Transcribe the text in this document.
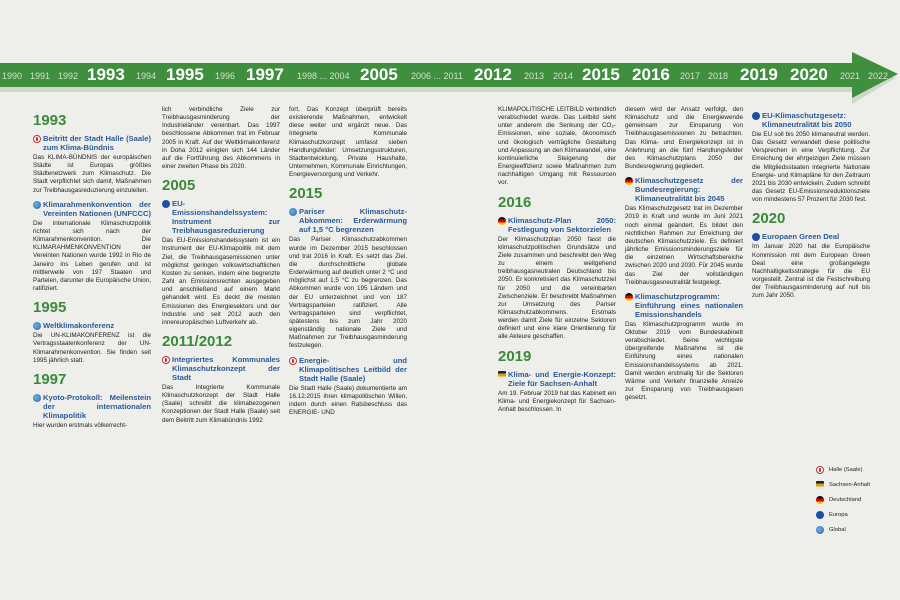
1990 1991 1992 1993 1994 1995 1996 1997 1998 ... 2004 2005 2006 ... 2011 2012 2013 2014 2015 2016 2017 2018 2019 2020 2021 2022
1993
Beitritt der Stadt Halle (Saale) zum Klima-Bündnis

Das KLIMA-BÜNDNIS der europäischen Städte ist Europas größtes Städtenetzwerk zum Klimaschutz. Die Stadt verpflichtet sich damit, Maßnahmen zur Treibhausgasreduzierung einzuleiten.

Klimarahmenkonvention der Vereinten Nationen (UNFCCC)

Die internationale Klimaschutzpolitik richtet sich nach der Klimarahmenkonvention. Die KLIMARAHMENKONVENTION der Vereinten Nationen wurde 1992 in Rio de Janeiro ins Leben gerufen und ist mittlerweile von 197 Staaten und Parteien, darunter die Europäische Union, ratifiziert.

1995
Weltklimakonferenz

Die UN-KLIMAKONFERENZ ist die Vertragsstaatenkonferenz der UN-Klimarahmenkonvention. Sie finden seit 1995 jährlich statt.

1997
Kyoto-Protokoll: Meilenstein der internationalen Klimapolitik

Hier wurden erstmals völkerrecht-

lich verbindliche Ziele zur Treibhausgasminderung der Industrieländer vereinbart. Das 1997 beschlossene Abkommen trat im Februar 2005 in Kraft. Auf der Weltklimakonferenz in Doha 2012 einigten sich 144 Länder auf die Fortführung des Abkommens in einer zweiten Phase bis 2020.

2005
EU-Emissionshandelssystem: Instrument zur Treibhausgasreduzierung

Das EU-Emissionshandelssystem ist ein Instrument der EU-Klimapolitik mit dem Ziel, die Treibhausgasemissionen unter möglichst geringen volkswirtschaftlichen Kosten zu senken, indem eine begrenzte Zahl an Emissionsrechten ausgegeben und anschließend auf einem Markt gehandelt wird. Es deckt die meisten Emissionen des Energiesektors und der Industrie und seit 2012 auch den innereuropäischen Luftverkehr ab.

2011/2012
Integriertes Kommunales Klimaschutzkonzept der Stadt

Das Integrierte Kommunale Klimaschutzkonzept der Stadt Halle (Saale) schreibt die klimabezogenen Konzeptionen der Stadt Halle (Saale) seit dem Beitritt zum Klimabündnis 1992

fort. Das Konzept überprüft bereits existierende Maßnahmen, entwickelt diese weiter und ergänzt neue. Das Integrierte Kommunale Klimaschutzkonzept umfasst sieben Handlungsfelder: Umsetzungsstrukturen, Stadtentwicklung, Private Haushalte, Unternehmen, Kommunale Einrichtungen, Energieversorgung und Verkehr.

2015
Pariser Klimaschutz-Abkommen: Erderwärmung auf 1,5 °C begrenzen

Das Pariser Klimaschutzabkommen wurde im Dezember 2015 beschlossen und trat 2016 in Kraft. Es setzt das Ziel, die durchschnittliche globale Erderwärmung auf deutlich unter 2 °C und möglichst auf 1,5 °C zu begrenzen. Das Abkommen wurde von 195 Ländern und der EU unterzeichnet und von 187 Vertragsparteien ratifiziert. Alle Vertragsparteien sind verpflichtet, spätestens bis zum Jahr 2020 eigenständig nationale Ziele und Maßnahmen zur Treibhausgasminderung festzulegen.

Energie- und Klimapolitisches Leitbild der Stadt Halle (Saale)

Die Stadt Halle (Saale) dokumentierte am 16.12.2015 ihren klimapolitischen Willen, indem durch einen Ratsbeschluss das ENERGIE- UND

KLIMAPOLITISCHE LEITBILD verbindlich verabschiedet wurde. Das Leitbild sieht unter anderem die Senkung der CO₂-Emissionen, eine soziale, ökonomisch und ökologisch verträgliche Gestaltung und Anpassung an den Klimawandel, eine kontinuierliche Steigerung der Energieeffizienz sowie Maßnahmen zum nachhaltigen Umgang mit Ressourcen vor.

2016
Klimaschutz-Plan 2050: Festlegung von Sektorzielen

Der Klimaschutzplan 2050 fasst die klimaschutzpolitischen Grundsätze und Ziele zusammen und beschreibt den Weg zu einem weitgehend treibhausgasneutralen Deutschland bis 2050. Er konkretisiert das Klimaschutzziel für 2050 und die vereinbarten Zwischenziele. Er beschreibt Maßnahmen zur Umsetzung des Pariser Klimaschutzabkommens. Erstmals werden damit Ziele für einzelne Sektoren definiert und eine klare Orientierung für alle Akteure geschaffen.

2019
Klima- und Energie-Konzept: Ziele für Sachsen-Anhalt

Am 19. Februar 2019 hat das Kabinett ein Klima- und Energiekonzept für Sachsen-Anhalt beschlossen. In

diesem wird der Ansatz verfolgt, den Klimaschutz und die Energiewende gemeinsam zur Einsparung von Treibhausgasemissionen zu betrachten. Das Klima- und Energiekonzept ist in Anlehnung an die fünf Handlungsfelder des Klimaschutzplans 2050 der Bundesregierung gegliedert.

Klimaschutzgesetz der Bundesregierung: Klimaneutralität bis 2045

Das Klimaschutzgesetz trat im Dezember 2019 in Kraft und wurde im Juni 2021 noch einmal geändert. Es bildet den rechtlichen Rahmen zur Erreichung der deutschen Klimaschutzziele. Es definiert jährliche Emissionsminderungsziele für die einzelnen Wirtschaftsbereiche zwischen 2020 und 2030. Für 2045 wurde das Ziel der vollständigen Treibhausgasneutralität festgelegt.

Klimaschutzprogramm: Einführung eines nationalen Emissionshandels

Das Klimaschutzprogramm wurde im Oktober 2019 vom Bundeskabinett verabschiedet. Seine wichtigste übergreifende Maßnahme ist die Einführung eines nationalen Emissionshandelssystems ab 2021. Damit werden erstmalig für die Sektoren Wärme und Verkehr finanzielle Anreize zur Einsparung von Treibhausgasen gesetzt.

EU-Klimaschutzgesetz: Klimaneutralität bis 2050

Die EU soll bis 2050 klimaneutral werden. Das Gesetz verwandelt diese politische Versprechen in eine Verpflichtung. Zur Erreichung der ehrgeizigen Ziele müssen die Mitgliedsstaaten integrierte Nationale Energie- und Klimapläne für den Zeitraum 2021 bis 2030 entwickeln. Zudem schreibt das Gesetz EU-Emissionsreduktionsziele von mindestens 57 Prozent für 2030 fest.

2020
Europaen Green Deal

Im Januar 2020 hat die Europäische Kommission mit dem European Green Deal eine großangelegte Nachhaltigkeitsstrategie für die EU vorgestellt. Zentral ist die Festschreibung der Treibhausgasminderung auf null bis zum Jahr 2050.

Halle (Saale)
Sachsen-Anhalt
Deutschland
Europa
Global
